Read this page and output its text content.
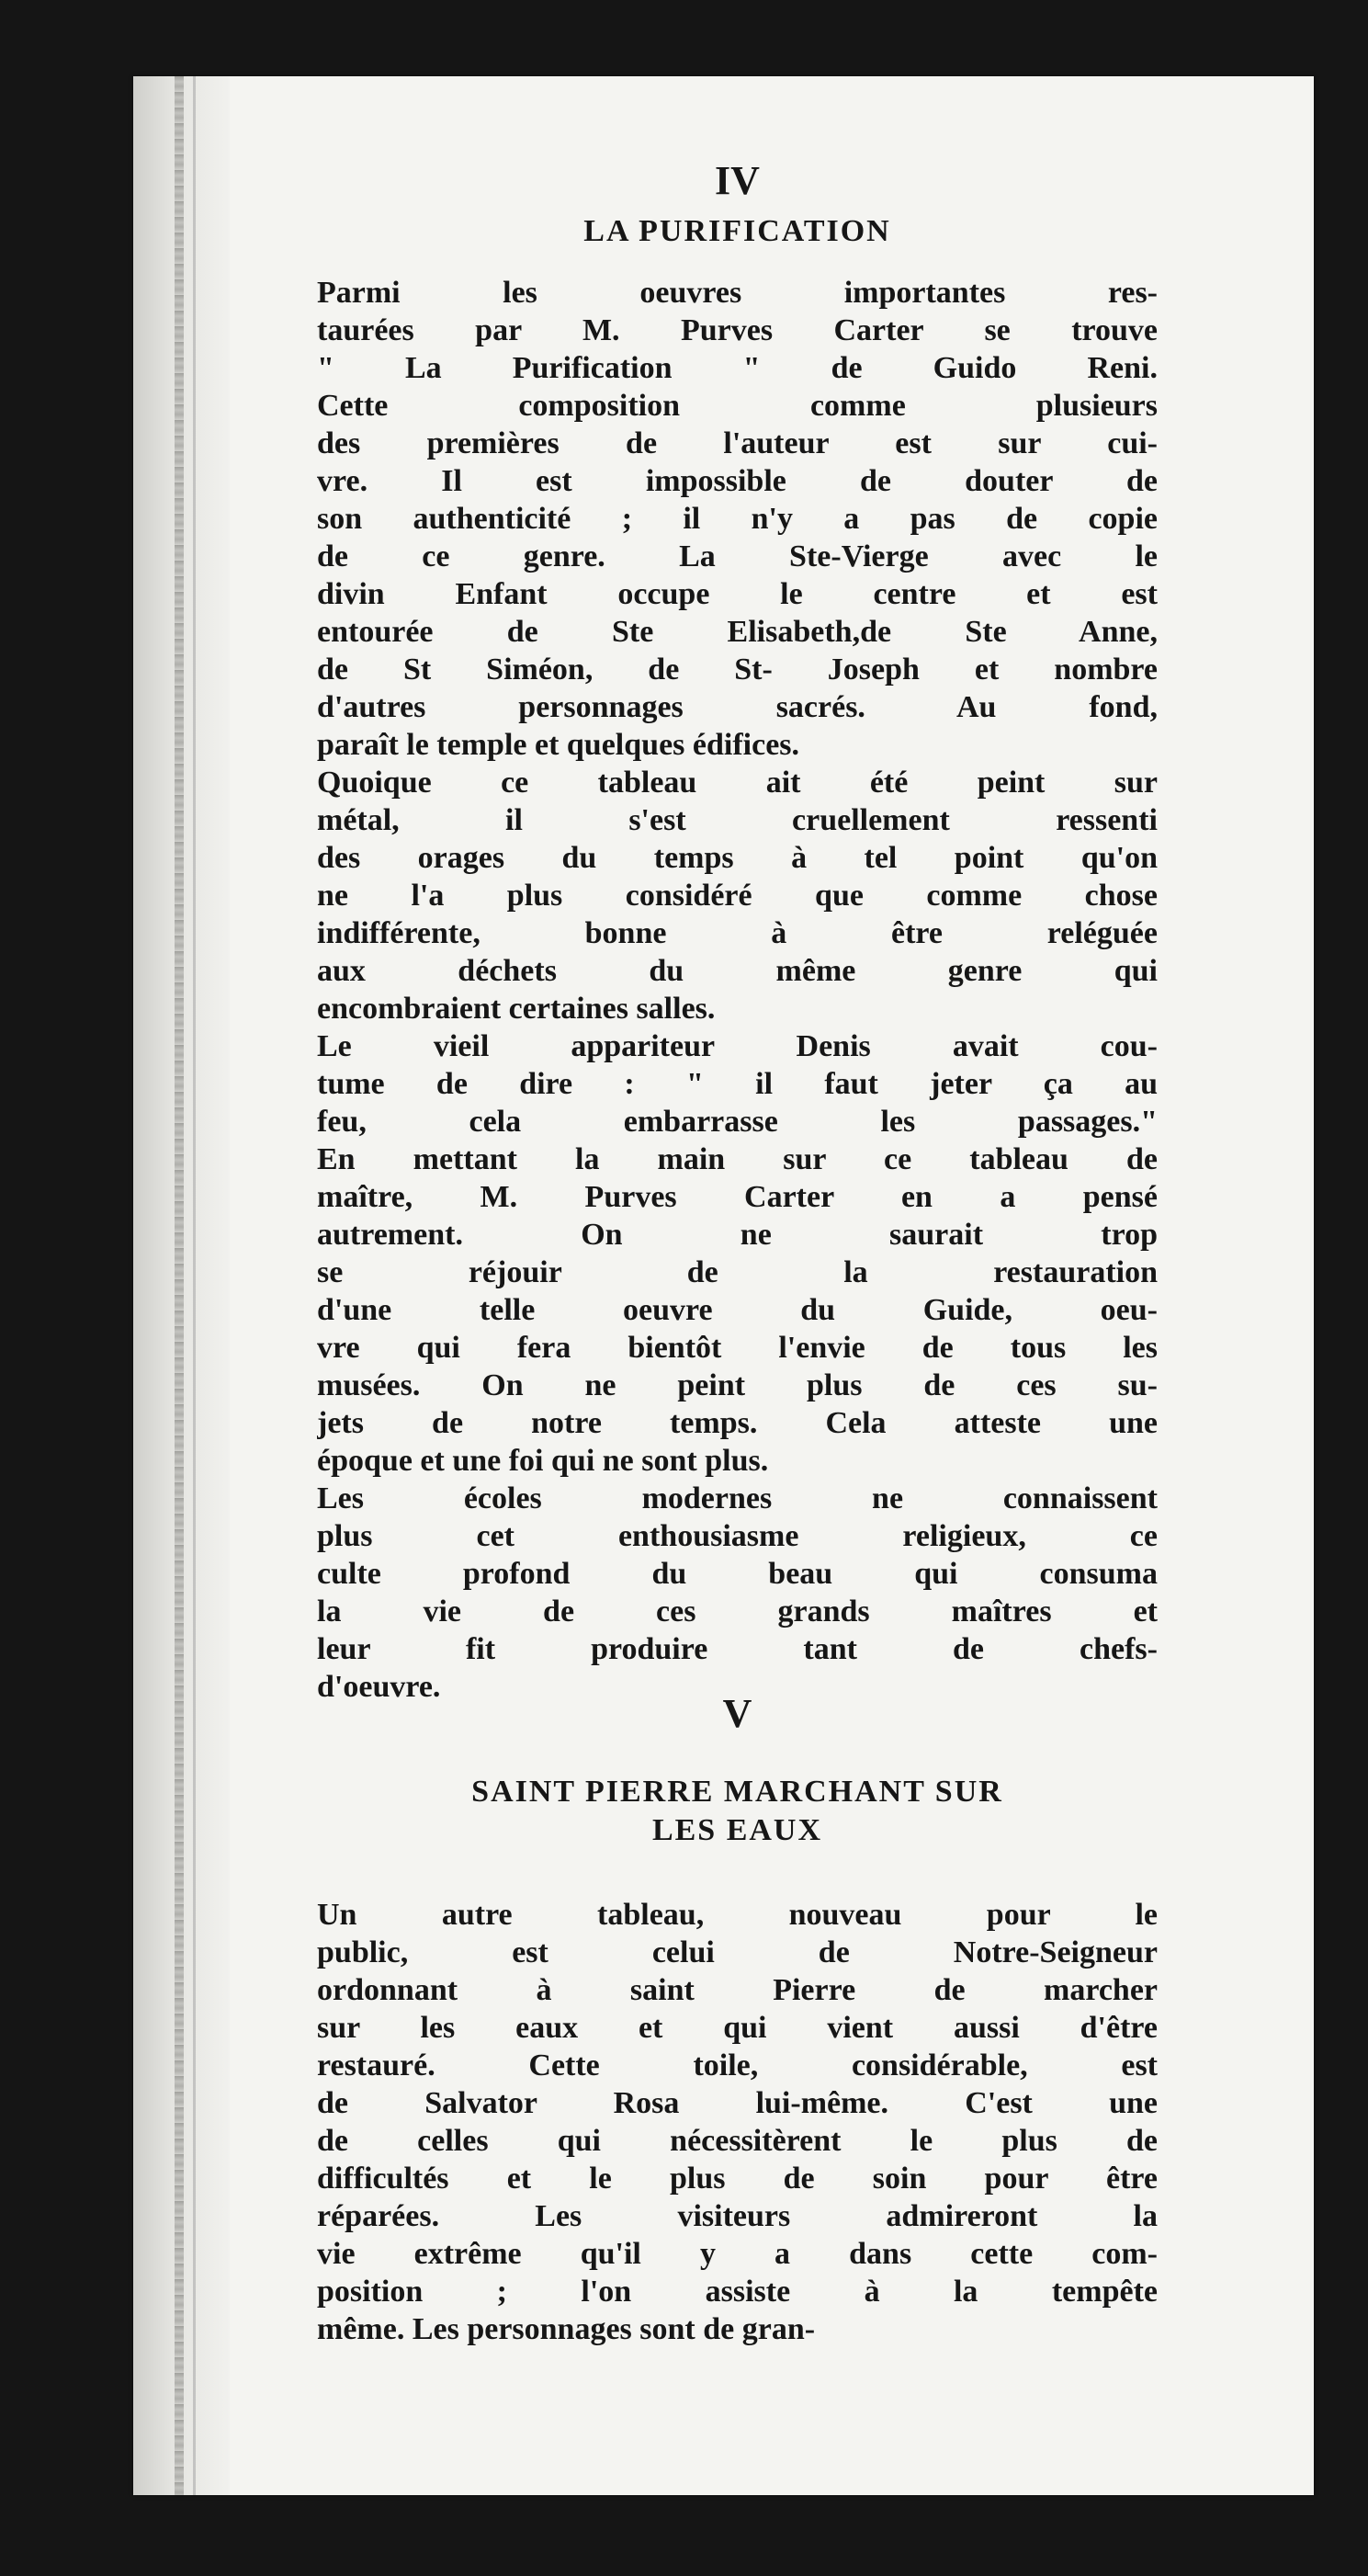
IV
LA PURIFICATION
Parmi les oeuvres importantes res-
taurées par M. Purves Carter se trouve
" La Purification " de Guido Reni.
Cette composition comme plusieurs
des premières de l'auteur est sur cui-
vre. Il est impossible de douter de
son authenticité ; il n'y a pas de copie
de ce genre. La Ste-Vierge avec le
divin Enfant occupe le centre et est
entourée de Ste Elisabeth,de Ste Anne,
de St Siméon, de St- Joseph et nombre
d'autres personnages sacrés. Au fond,
paraît le temple et quelques édifices.
Quoique ce tableau ait été peint sur
métal, il s'est cruellement ressenti
des orages du temps à tel point qu'on
ne l'a plus considéré que comme chose
indifférente, bonne à être reléguée
aux déchets du même genre qui
encombraient certaines salles.
Le vieil appariteur Denis avait cou-
tume de dire : " il faut jeter ça au
feu, cela embarrasse les passages."
En mettant la main sur ce tableau de
maître, M. Purves Carter en a pensé
autrement. On ne saurait trop
se réjouir de la restauration
d'une telle oeuvre du Guide, oeu-
vre qui fera bientôt l'envie de tous les
musées. On ne peint plus de ces su-
jets de notre temps. Cela atteste une
époque et une foi qui ne sont plus.
Les écoles modernes ne connaissent
plus cet enthousiasme religieux, ce
culte profond du beau qui consuma
la vie de ces grands maîtres et
leur fit produire tant de chefs-
d'oeuvre.
V
SAINT PIERRE MARCHANT SUR
LES EAUX
Un autre tableau, nouveau pour le
public, est celui de Notre-Seigneur
ordonnant à saint Pierre de marcher
sur les eaux et qui vient aussi d'être
restauré. Cette toile, considérable, est
de Salvator Rosa lui-même. C'est une
de celles qui nécessitèrent le plus de
difficultés et le plus de soin pour être
réparées. Les visiteurs admireront la
vie extrême qu'il y a dans cette com-
position ; l'on assiste à la tempête
même. Les personnages sont de gran-
